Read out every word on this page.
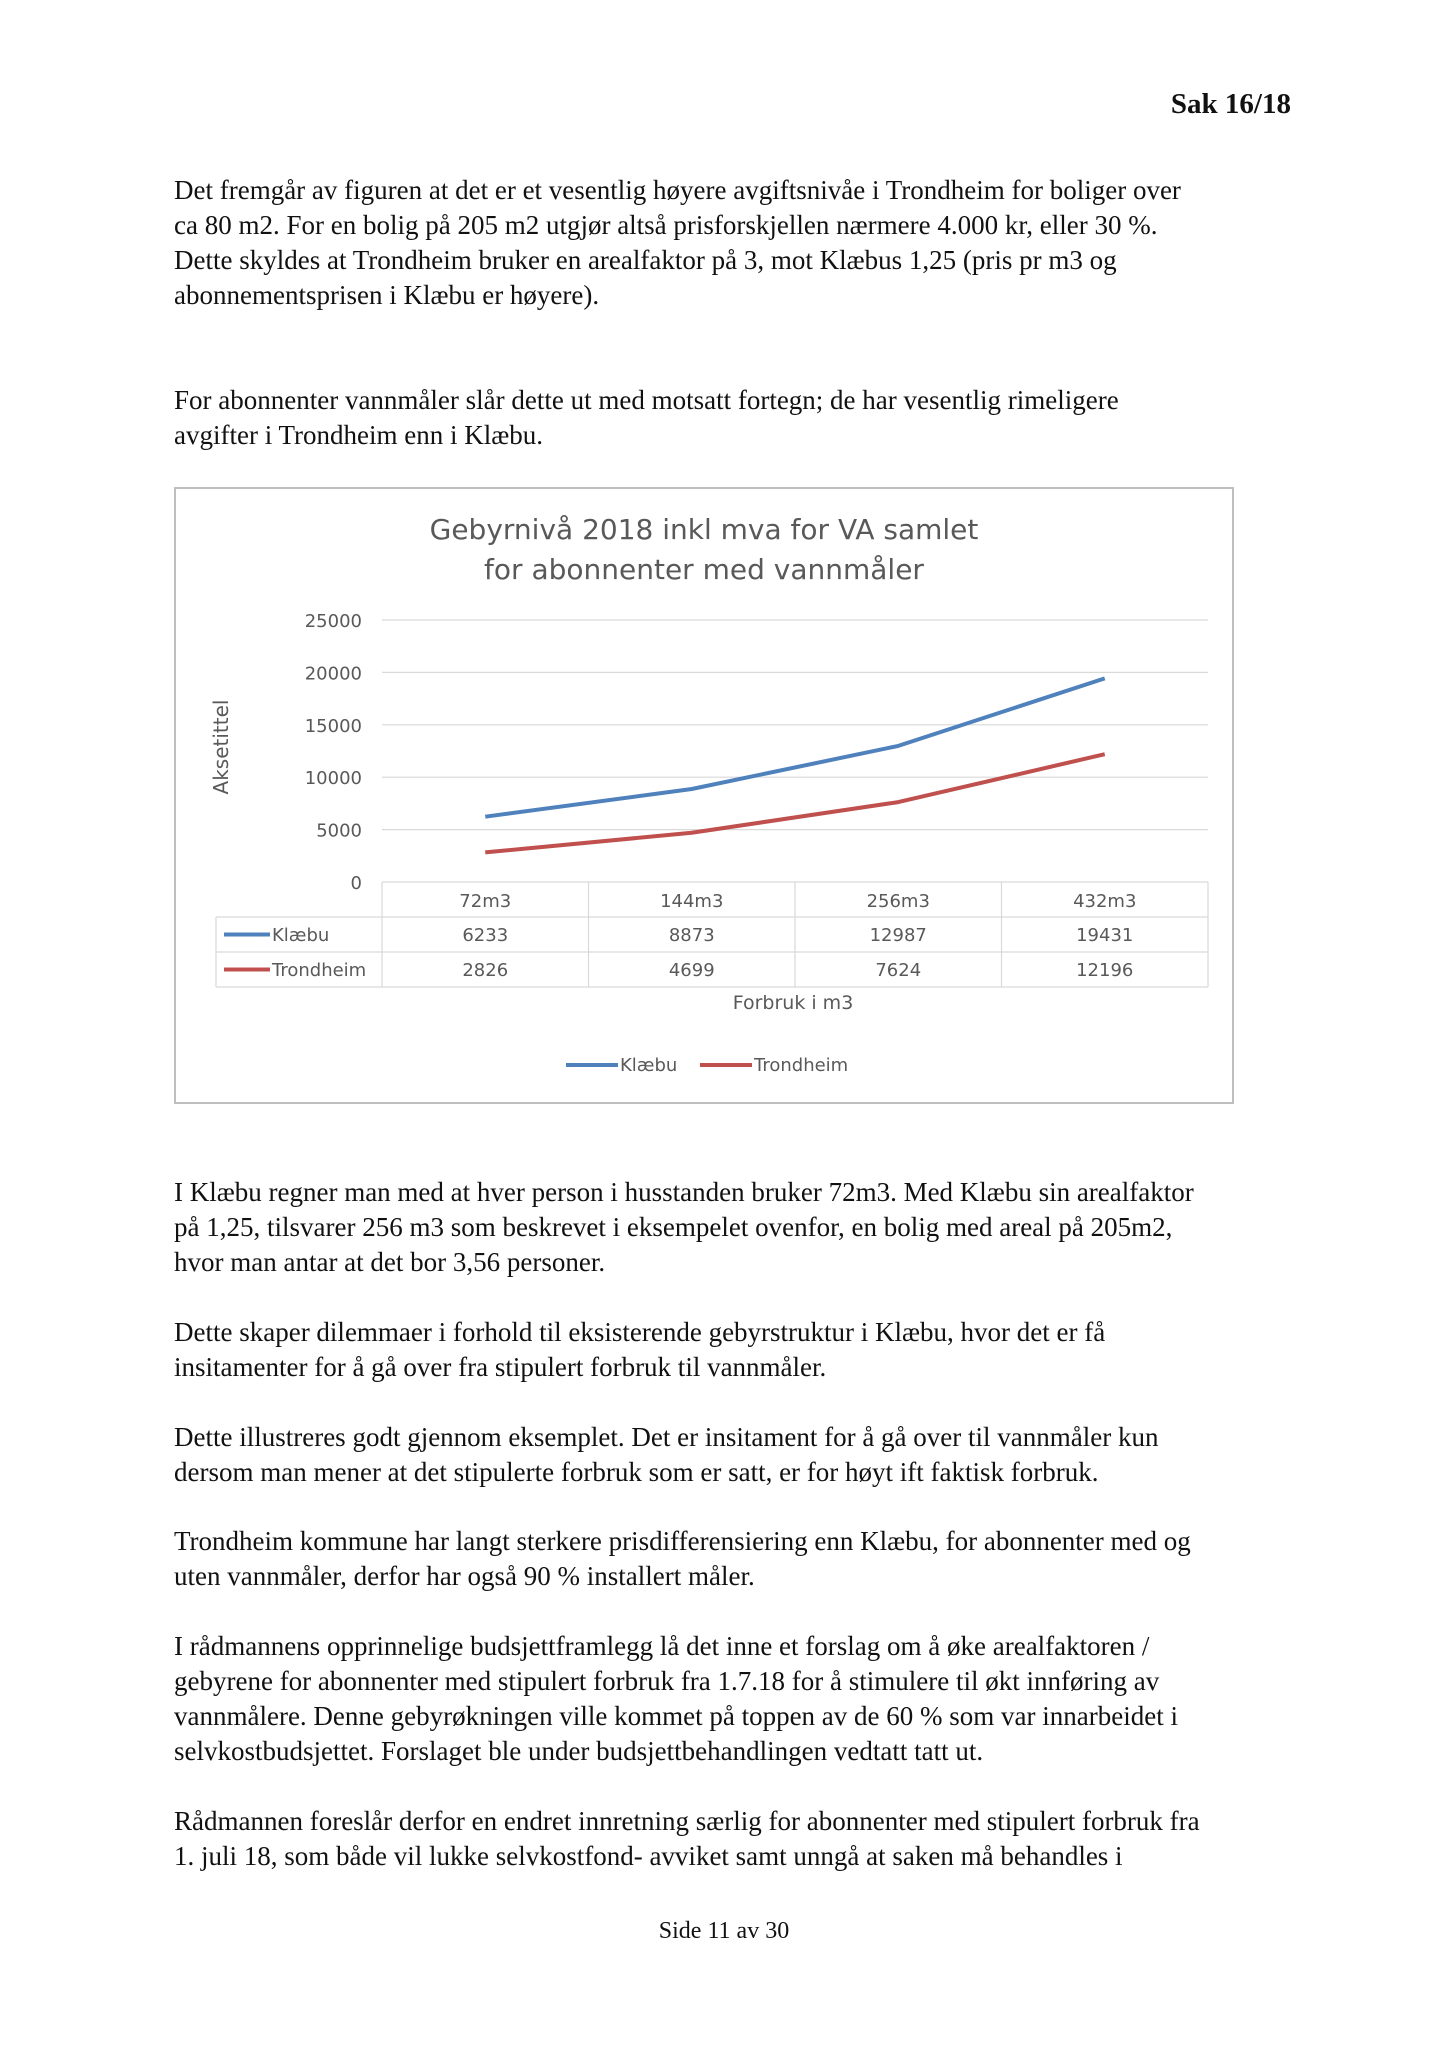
Sak 16/18

Det fremgår av figuren at det er et vesentlig høyere avgiftsnivåe i Trondheim for boliger over
ca 80 m2. For en bolig på 205 m2 utgjør altså prisforskjellen nærmere 4.000 kr, eller 30 %.
Dette skyldes at Trondheim bruker en arealfaktor på 3, mot Klæbus 1,25 (pris pr m3 og
abonnementsprisen i Klæbu er høyere).

For abonnenter vannmåler slår dette ut med motsatt fortegn; de har vesentlig rimeligere
avgifter i Trondheim enn i Klæbu.

25000
20000
15000
10000
5000
0
72m3	144m3	256m3	432m3
Klæbu	6233	8873	12987	19431
Trondheim	2826	4699	7624	12196
Klæbu	Trondheim
Gebyrnivå 2018 inkl mva for VA samlet
for abonnenter med vannmåler
Aksetittel
Forbruk i m3

I Klæbu regner man med at hver person i husstanden bruker 72m3. Med Klæbu sin arealfaktor
på 1,25, tilsvarer 256 m3 som beskrevet i eksempelet ovenfor, en bolig med areal på 205m2,
hvor man antar at det bor 3,56 personer.

Dette skaper dilemmaer i forhold til eksisterende gebyrstruktur i Klæbu, hvor det er få
insitamenter for å gå over fra stipulert forbruk til vannmåler.

Dette illustreres godt gjennom eksemplet. Det er insitament for å gå over til vannmåler kun
dersom man mener at det stipulerte forbruk som er satt, er for høyt ift faktisk forbruk.

Trondheim kommune har langt sterkere prisdifferensiering enn Klæbu, for abonnenter med og
uten vannmåler, derfor har også 90 % installert måler.

I rådmannens opprinnelige budsjettframlegg lå det inne et forslag om å øke arealfaktoren /
gebyrene for abonnenter med stipulert forbruk fra 1.7.18 for å stimulere til økt innføring av
vannmålere. Denne gebyrøkningen ville kommet på toppen av de 60 % som var innarbeidet i
selvkostbudsjettet. Forslaget ble under budsjettbehandlingen vedtatt tatt ut.

Rådmannen foreslår derfor en endret innretning særlig for abonnenter med stipulert forbruk fra
1. juli 18, som både vil lukke selvkostfond- avviket samt unngå at saken må behandles i

Side 11 av 30
